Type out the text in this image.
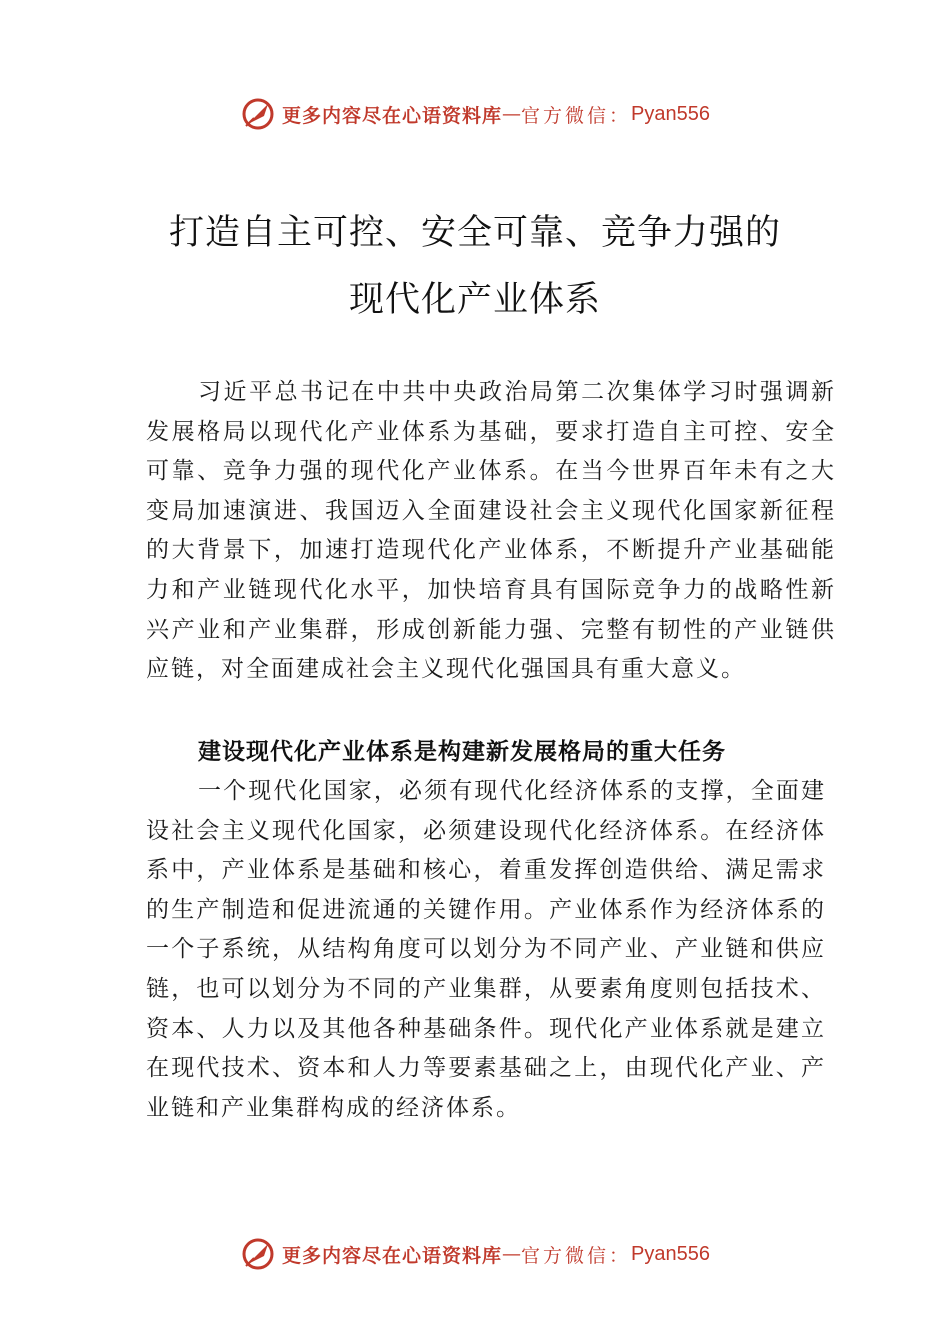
更多内容尽在心语资料库 — 官方微信： Pyan556
打造自主可控、安全可靠、竞争力强的
现代化产业体系
习近平总书记在中共中央政治局第二次集体学习时强调新发展格局以现代化产业体系为基础，要求打造自主可控、安全可靠、竞争力强的现代化产业体系。在当今世界百年未有之大变局加速演进、我国迈入全面建设社会主义现代化国家新征程的大背景下，加速打造现代化产业体系，不断提升产业基础能力和产业链现代化水平，加快培育具有国际竞争力的战略性新兴产业和产业集群，形成创新能力强、完整有韧性的产业链供应链，对全面建成社会主义现代化强国具有重大意义。
建设现代化产业体系是构建新发展格局的重大任务
一个现代化国家，必须有现代化经济体系的支撑，全面建设社会主义现代化国家，必须建设现代化经济体系。在经济体系中，产业体系是基础和核心，着重发挥创造供给、满足需求的生产制造和促进流通的关键作用。产业体系作为经济体系的一个子系统，从结构角度可以划分为不同产业、产业链和供应链，也可以划分为不同的产业集群，从要素角度则包括技术、资本、人力以及其他各种基础条件。现代化产业体系就是建立在现代技术、资本和人力等要素基础之上，由现代化产业、产业链和产业集群构成的经济体系。
更多内容尽在心语资料库 — 官方微信： Pyan556
